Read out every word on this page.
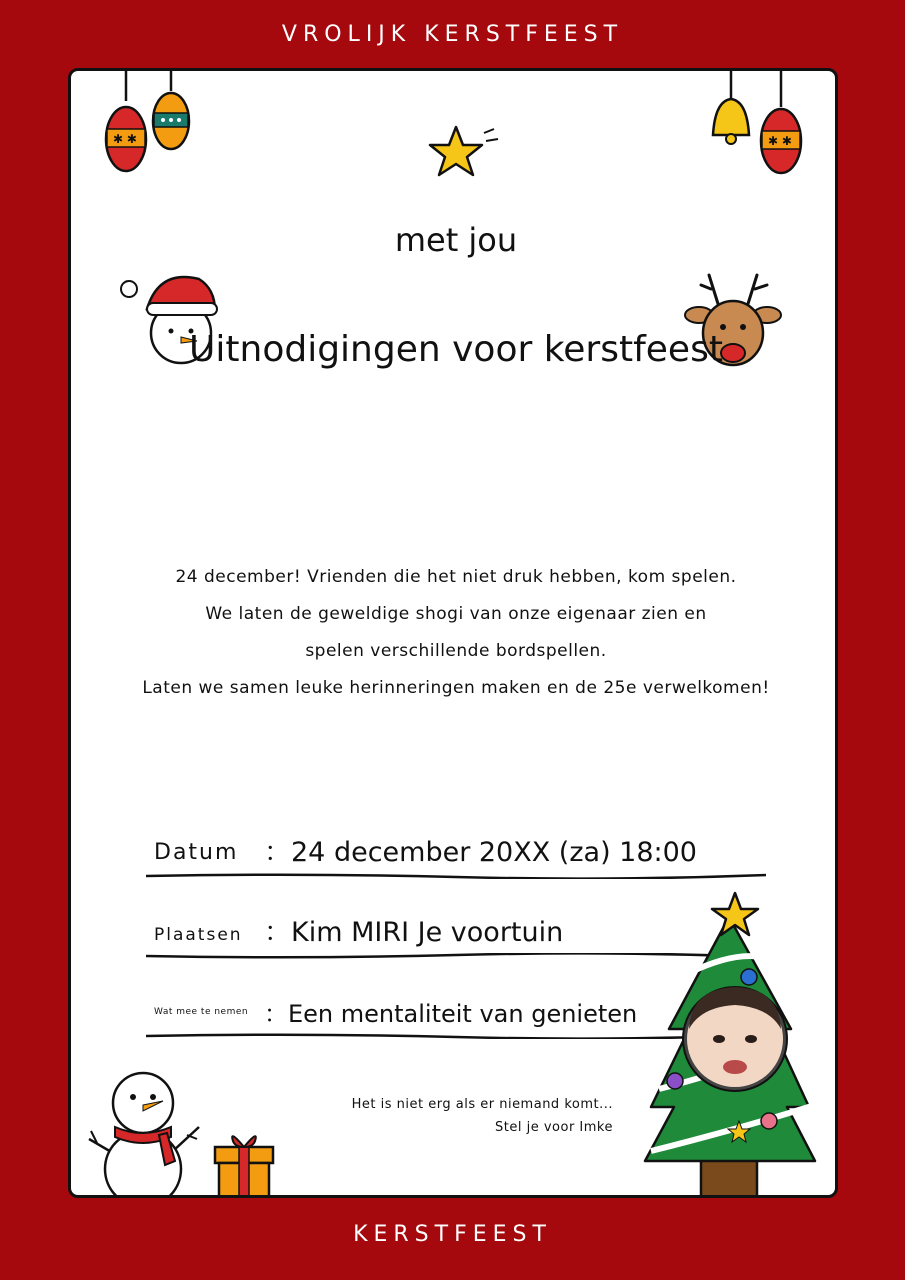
VROLIJK KERSTFEEST
✱ ✱	✱ ✱
met jou
Uitnodigingen voor kerstfeest
24 december! Vrienden die het niet druk hebben, kom spelen.
We laten de geweldige shogi van onze eigenaar zien en
spelen verschillende bordspellen.
Laten we samen leuke herinneringen maken en de 25e verwelkomen!
Datum ：24 december 20XX (za) 18:00
Plaatsen ：Kim MIRI Je voortuin
Wat mee te nemen ：Een mentaliteit van genieten
Het is niet erg als er niemand komt...
Stel je voor Imke
KERSTFEEST
